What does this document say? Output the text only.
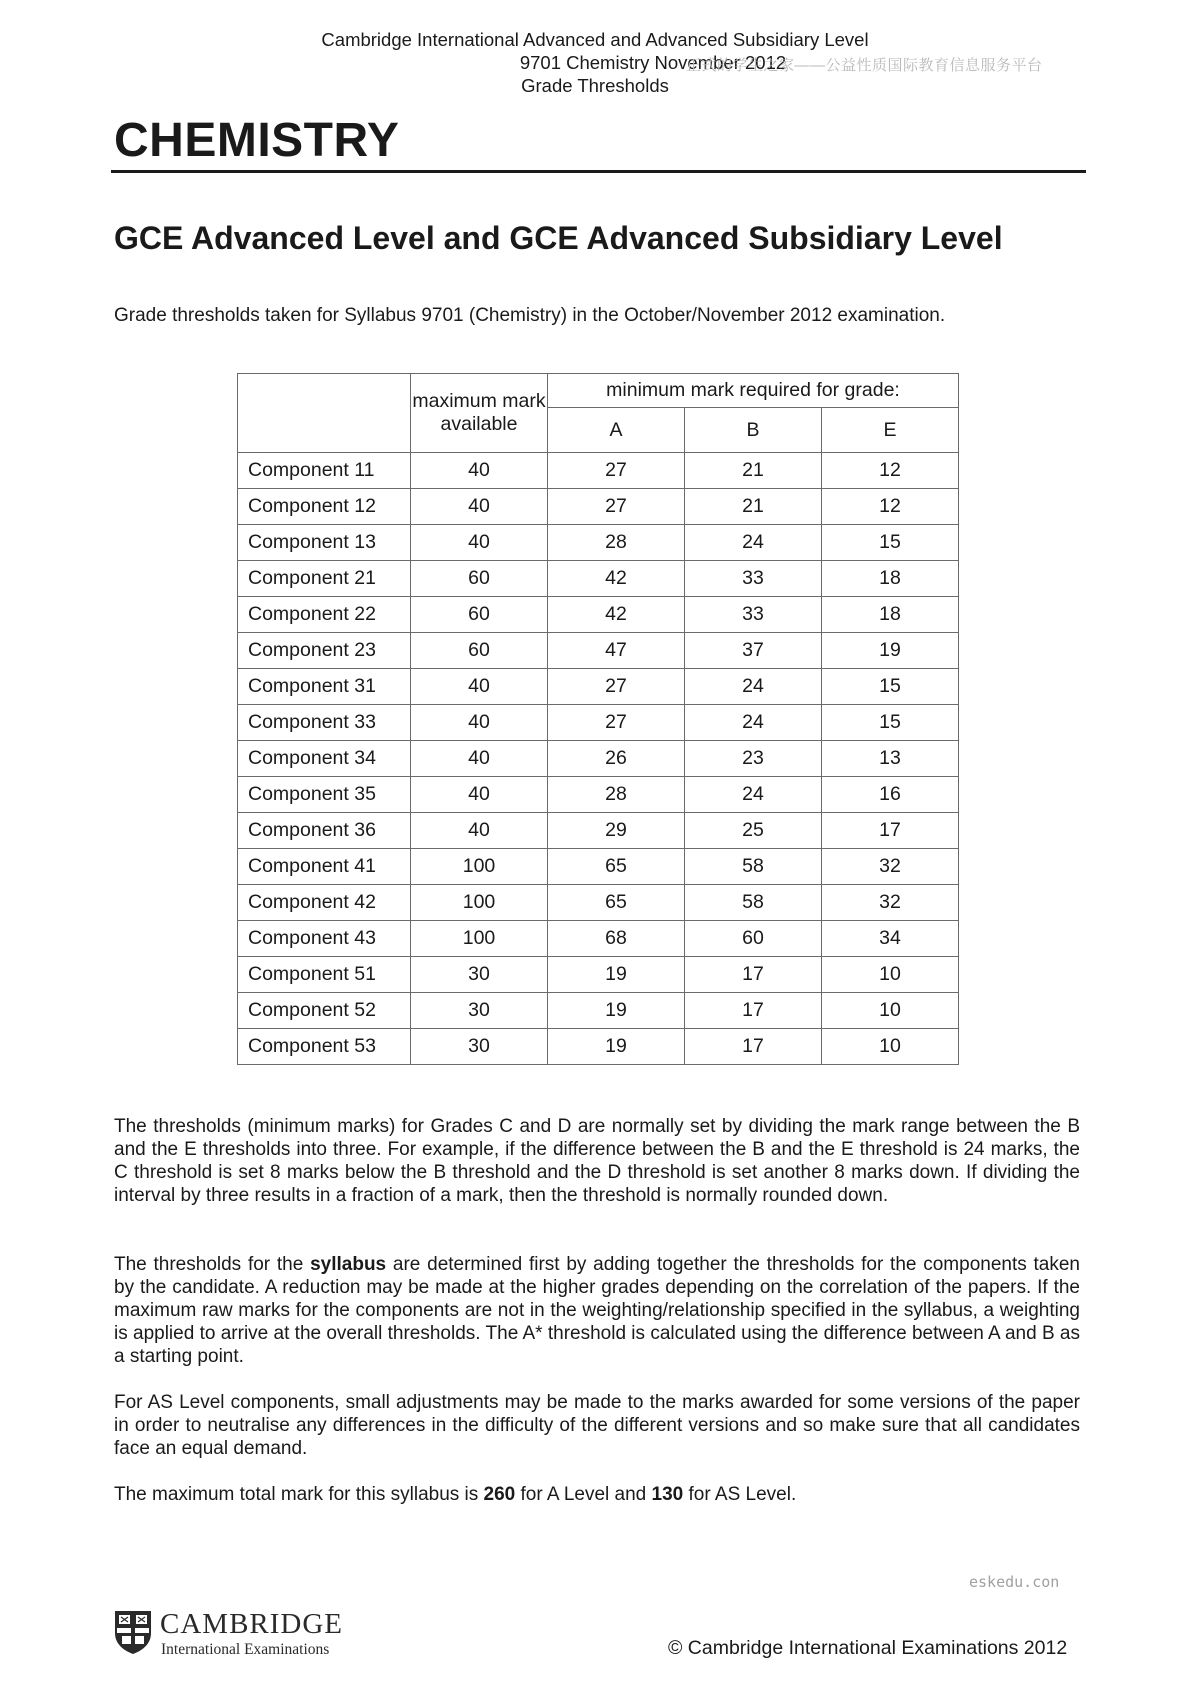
Cambridge International Advanced and Advanced Subsidiary Level
9701 Chemistry November 2012
Grade Thresholds
正式的学生之家——公益性质国际教育信息服务平台
CHEMISTRY
GCE Advanced Level and GCE Advanced Subsidiary Level

Grade thresholds taken for Syllabus 9701 (Chemistry) in the October/November 2012 examination.

	maximum mark available	minimum mark required for grade:		
		A	B	E
Component 11	40	27	21	12
Component 12	40	27	21	12
Component 13	40	28	24	15
Component 21	60	42	33	18
Component 22	60	42	33	18
Component 23	60	47	37	19
Component 31	40	27	24	15
Component 33	40	27	24	15
Component 34	40	26	23	13
Component 35	40	28	24	16
Component 36	40	29	25	17
Component 41	100	65	58	32
Component 42	100	65	58	32
Component 43	100	68	60	34
Component 51	30	19	17	10
Component 52	30	19	17	10
Component 53	30	19	17	10

The thresholds (minimum marks) for Grades C and D are normally set by dividing the mark range between the B and the E thresholds into three. For example, if the difference between the B and the E threshold is 24 marks, the C threshold is set 8 marks below the B threshold and the D threshold is set another 8 marks down. If dividing the interval by three results in a fraction of a mark, then the threshold is normally rounded down.

The thresholds for the syllabus are determined first by adding together the thresholds for the components taken by the candidate. A reduction may be made at the higher grades depending on the correlation of the papers. If the maximum raw marks for the components are not in the weighting/relationship specified in the syllabus, a weighting is applied to arrive at the overall thresholds. The A* threshold is calculated using the difference between A and B as a starting point.

For AS Level components, small adjustments may be made to the marks awarded for some versions of the paper in order to neutralise any differences in the difficulty of the different versions and so make sure that all candidates face an equal demand.

The maximum total mark for this syllabus is 260 for A Level and 130 for AS Level.

eskedu.con
CAMBRIDGE
International Examinations	© Cambridge International Examinations 2012
